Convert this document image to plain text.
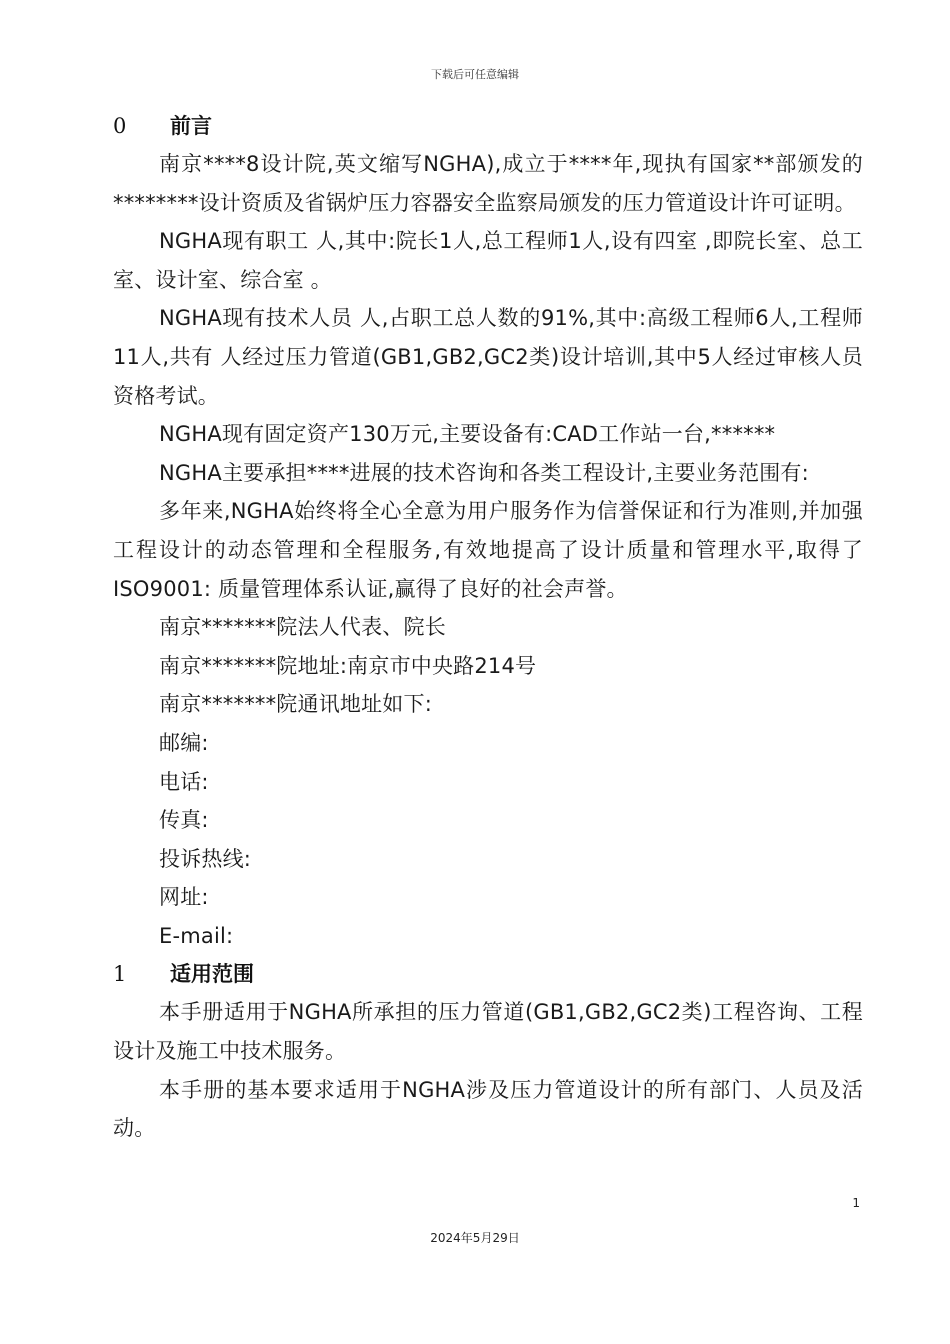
下载后可任意编辑
0	前言
南京****8设计院,英文缩写NGHA),成立于****年,现执有国家**部颁发的********设计资质及省锅炉压力容器安全监察局颁发的压力管道设计许可证明。
NGHA现有职工 人,其中:院长1人,总工程师1人,设有四室 ,即院长室、总工室、设计室、综合室 。
NGHA现有技术人员 人,占职工总人数的91%,其中:高级工程师6人,工程师11人,共有 人经过压力管道(GB1,GB2,GC2类)设计培训,其中5人经过审核人员资格考试。
NGHA现有固定资产130万元,主要设备有:CAD工作站一台,******
NGHA主要承担****进展的技术咨询和各类工程设计,主要业务范围有:
多年来,NGHA始终将全心全意为用户服务作为信誉保证和行为准则,并加强工程设计的动态管理和全程服务,有效地提高了设计质量和管理水平,取得了ISO9001: 质量管理体系认证,赢得了良好的社会声誉。
南京*******院法人代表、院长
南京*******院地址:南京市中央路214号
南京*******院通讯地址如下:
邮编:
电话:
传真:
投诉热线:
网址:
E-mail:
1	适用范围
本手册适用于NGHA所承担的压力管道(GB1,GB2,GC2类)工程咨询、工程设计及施工中技术服务。
本手册的基本要求适用于NGHA涉及压力管道设计的所有部门、人员及活动。
1
2024年5月29日
